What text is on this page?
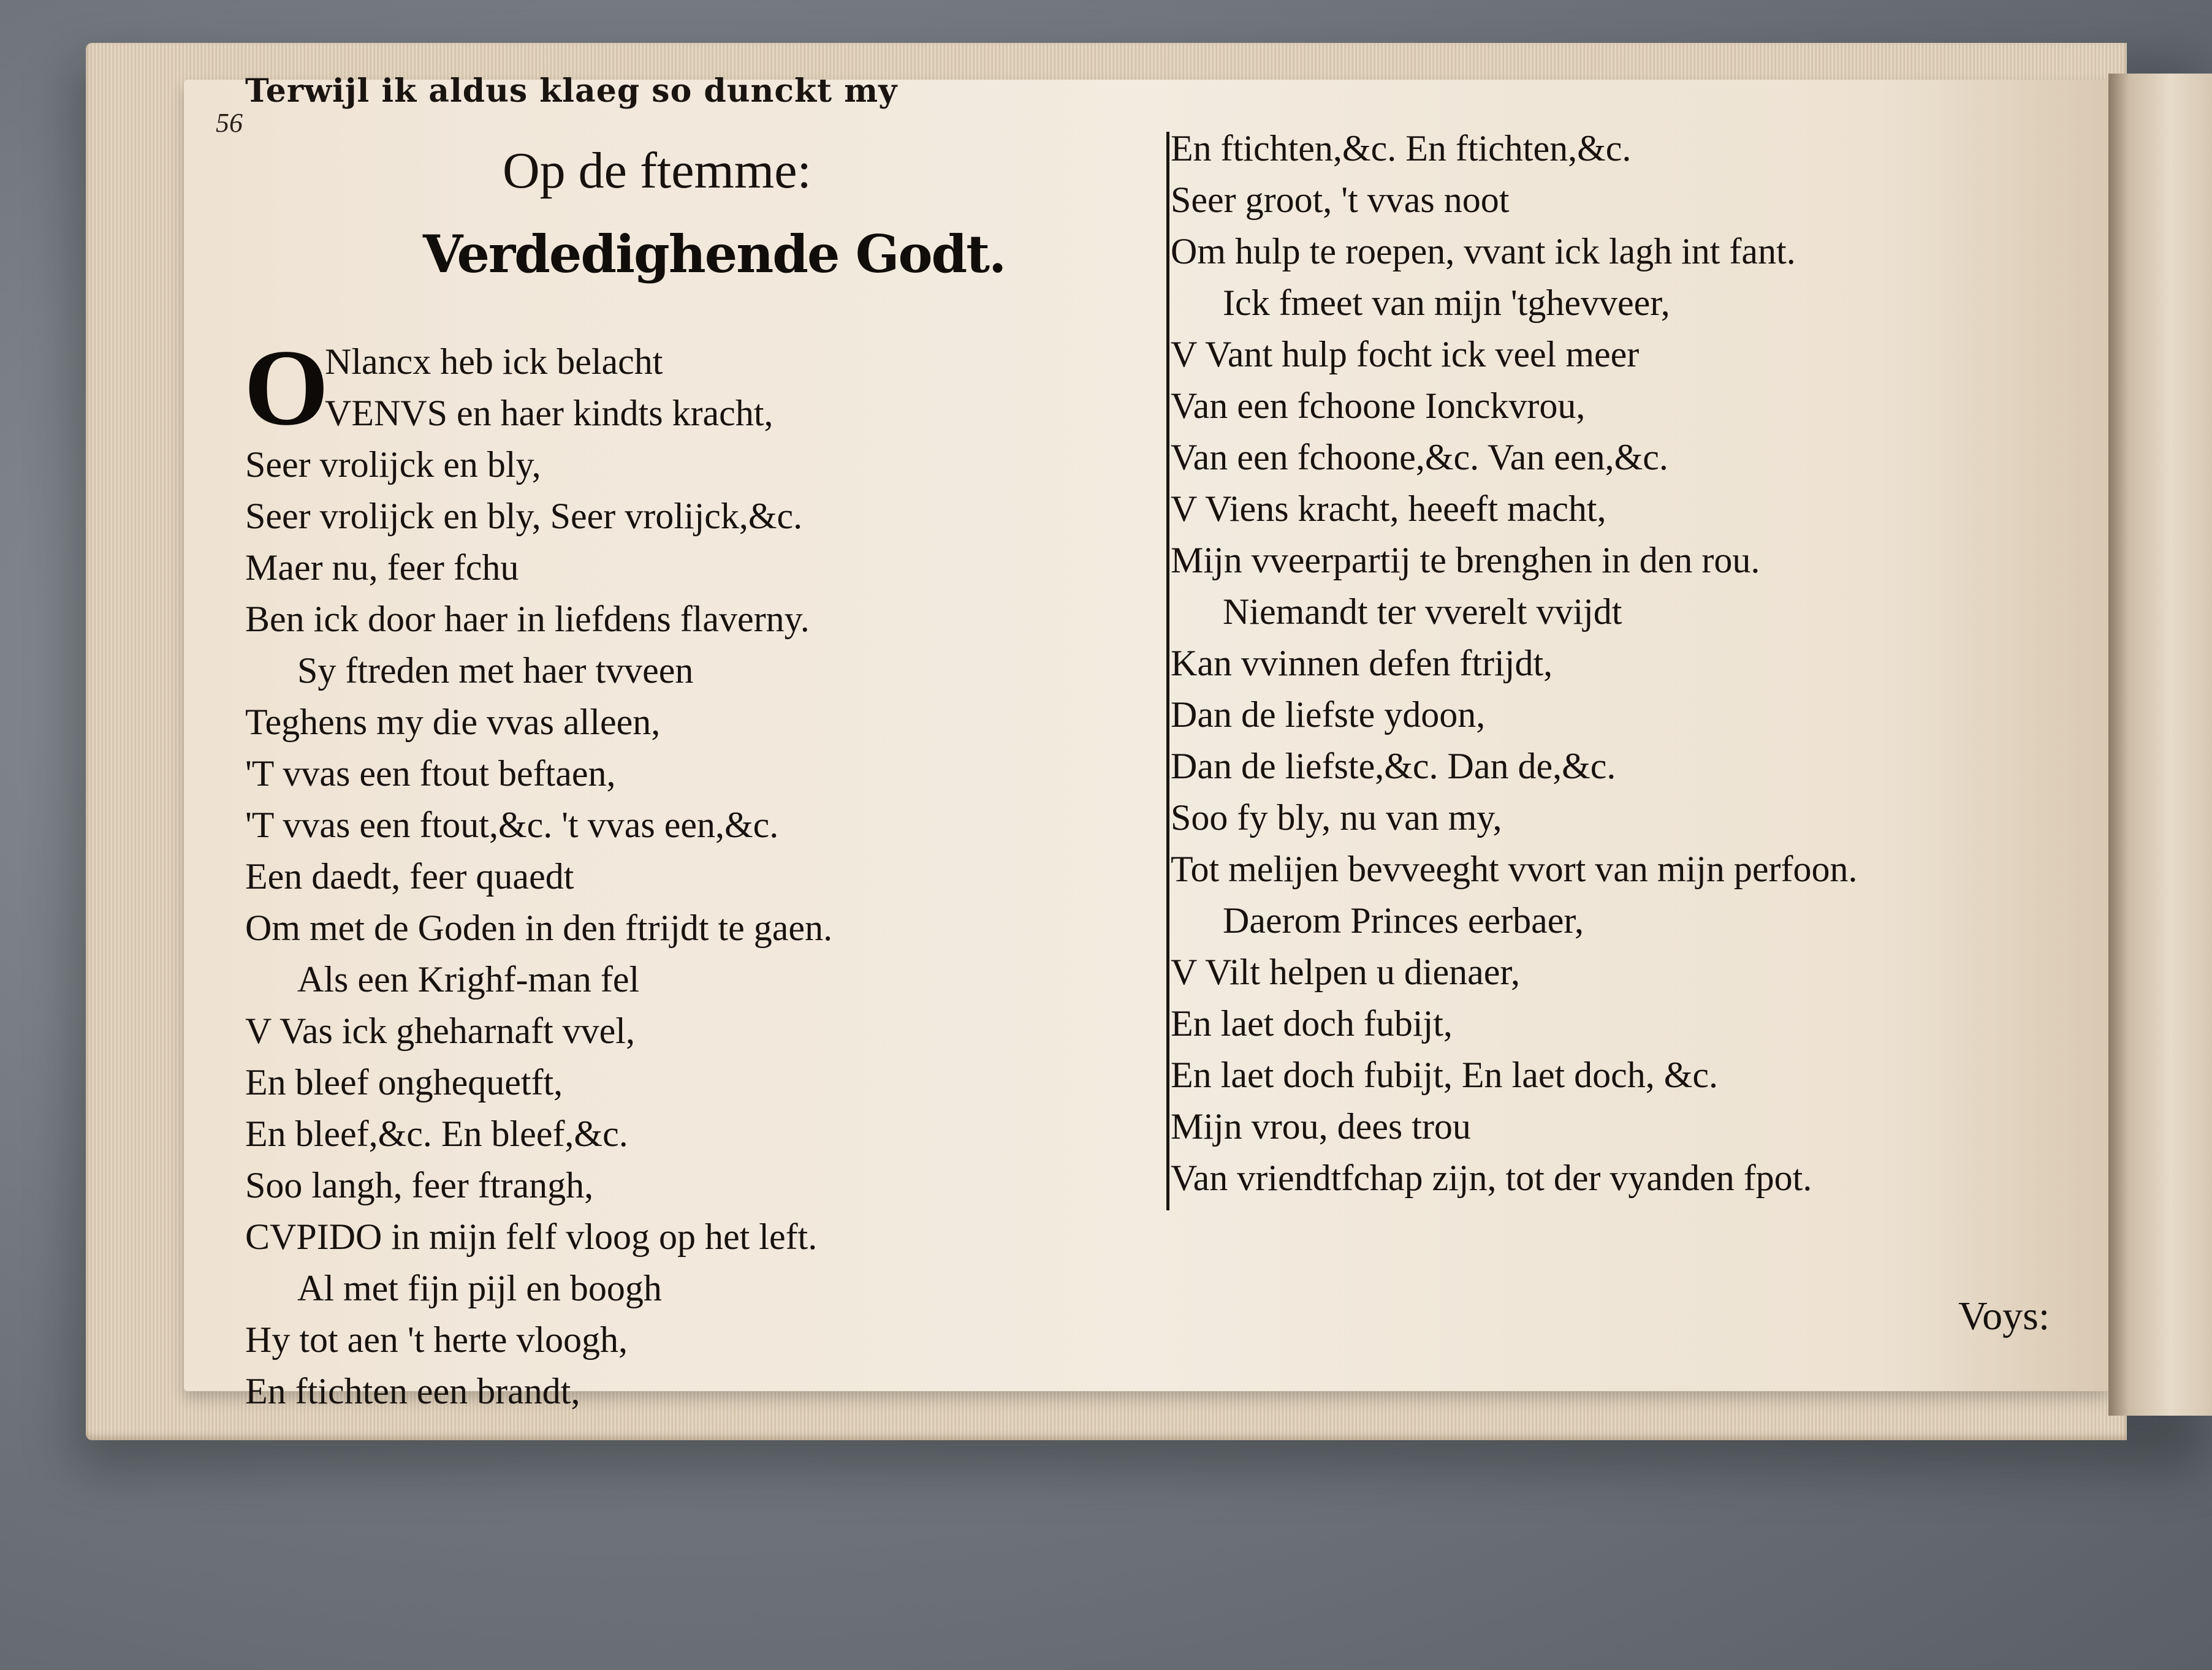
Terwijl ik aldus klaeg so dunckt my
56
Op de ftemme:
Verdedighende Godt.
O
Nlancx heb ick belacht
VENVS en haer kindts kracht,
Seer vrolijck en bly,
Seer vrolijck en bly, Seer vrolijck,&c.
Maer nu, feer fchu
Ben ick door haer in liefdens flaverny.
Sy ftreden met haer tvveen
Teghens my die vvas alleen,
'T vvas een ftout beftaen,
'T vvas een ftout,&c. 't vvas een,&c.
Een daedt, feer quaedt
Om met de Goden in den ftrijdt te gaen.
Als een Krighf-man fel
V Vas ick gheharnaft vvel,
En bleef onghequetft,
En bleef,&c. En bleef,&c.
Soo langh, feer ftrangh,
CVPIDO in mijn felf vloog op het left.
Al met fijn pijl en boogh
Hy tot aen 't herte vloogh,
En ftichten een brandt,
En ftichten,&c. En ftichten,&c.
Seer groot, 't vvas noot
Om hulp te roepen, vvant ick lagh int fant.
Ick fmeet van mijn 'tghevveer,
V Vant hulp focht ick veel meer
Van een fchoone Ionckvrou,
Van een fchoone,&c. Van een,&c.
V Viens kracht, heeeft macht,
Mijn vveerpartij te brenghen in den rou.
Niemandt ter vverelt vvijdt
Kan vvinnen defen ftrijdt,
Dan de liefste ydoon,
Dan de liefste,&c. Dan de,&c.
Soo fy bly, nu van my,
Tot melijen bevveeght vvort van mijn perfoon.
Daerom Princes eerbaer,
V Vilt helpen u dienaer,
En laet doch fubijt,
En laet doch fubijt, En laet doch, &c.
Mijn vrou, dees trou
Van vriendtfchap zijn, tot der vyanden fpot.
Voys:
